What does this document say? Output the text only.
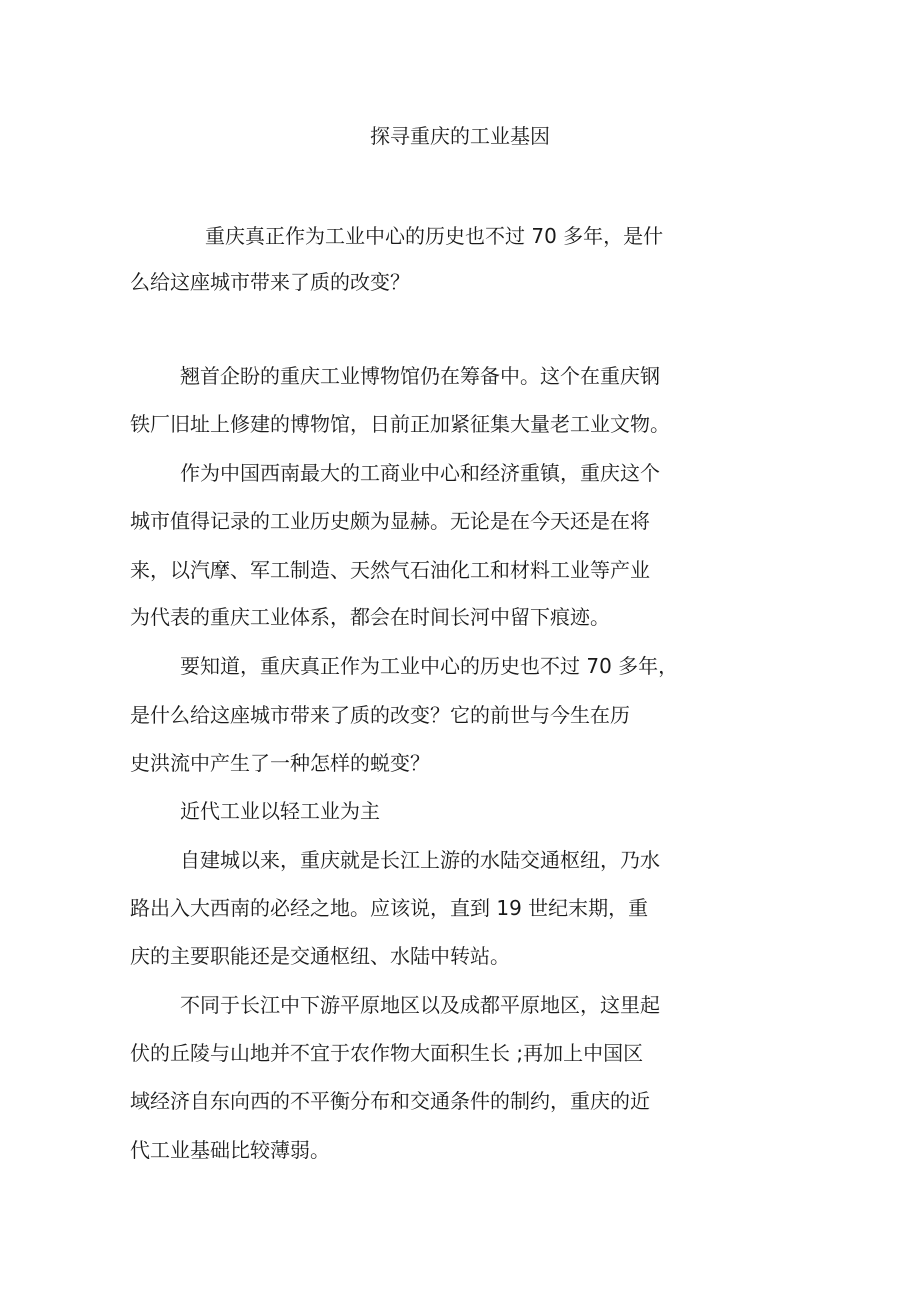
探寻重庆的工业基因
重庆真正作为工业中心的历史也不过 70 多年，是什
么给这座城市带来了质的改变？
翘首企盼的重庆工业博物馆仍在筹备中。这个在重庆钢
铁厂旧址上修建的博物馆，日前正加紧征集大量老工业文物。
作为中国西南最大的工商业中心和经济重镇，重庆这个
城市值得记录的工业历史颇为显赫。无论是在今天还是在将
来，以汽摩、军工制造、天然气石油化工和材料工业等产业
为代表的重庆工业体系，都会在时间长河中留下痕迹。
要知道，重庆真正作为工业中心的历史也不过 70 多年，
是什么给这座城市带来了质的改变？它的前世与今生在历
史洪流中产生了一种怎样的蜕变？
近代工业以轻工业为主
自建城以来，重庆就是长江上游的水陆交通枢纽，乃水
路出入大西南的必经之地。应该说，直到 19 世纪末期，重
庆的主要职能还是交通枢纽、水陆中转站。
不同于长江中下游平原地区以及成都平原地区，这里起
伏的丘陵与山地并不宜于农作物大面积生长 ;再加上中国区
域经济自东向西的不平衡分布和交通条件的制约，重庆的近
代工业基础比较薄弱。
